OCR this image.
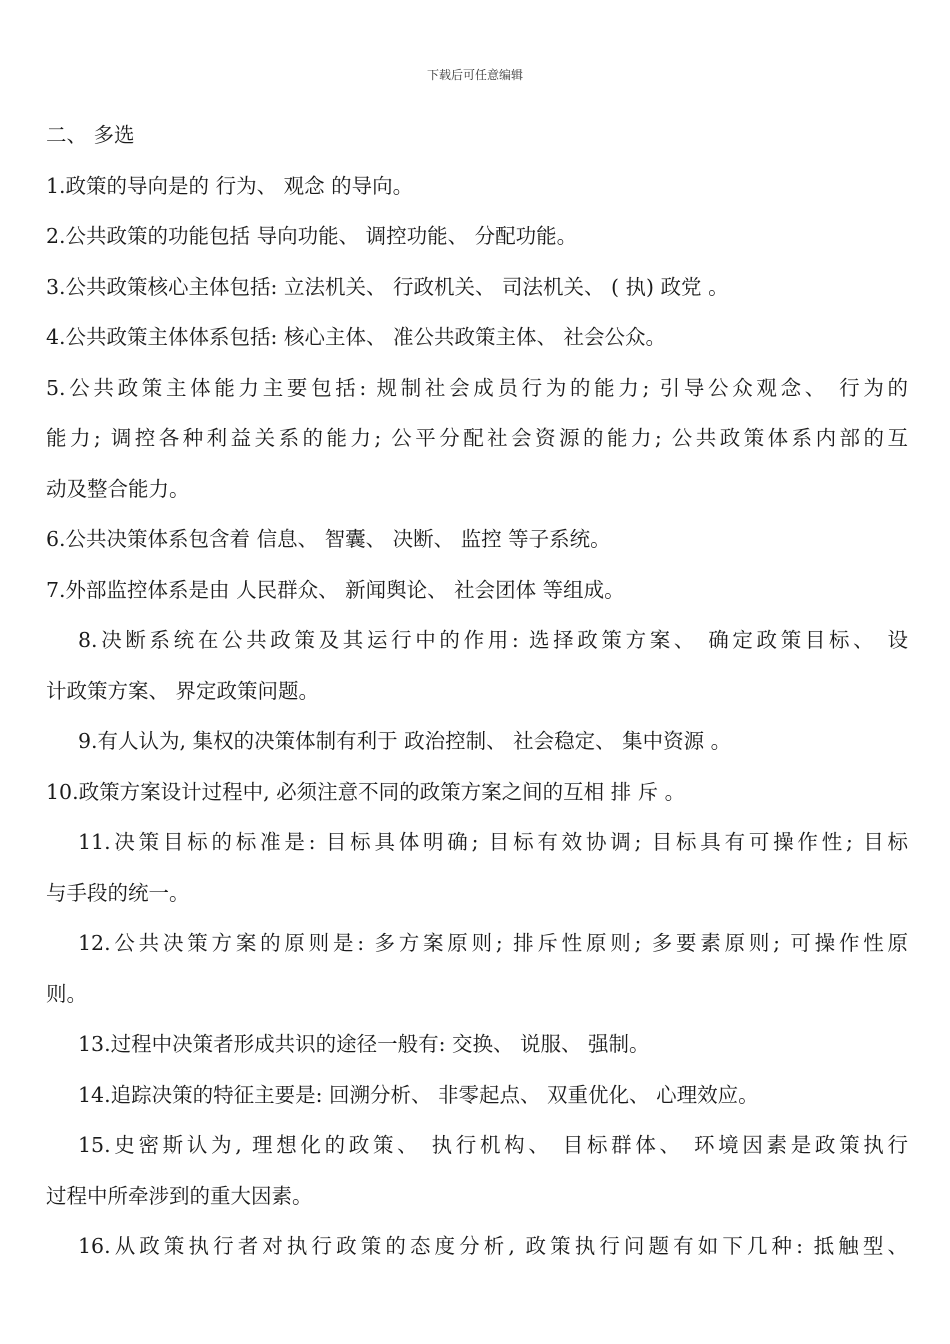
下载后可任意编辑
二、 多选
1.政策的导向是的 行为、 观念 的导向。
2.公共政策的功能包括 导向功能、 调控功能、 分配功能。
3.公共政策核心主体包括: 立法机关、 行政机关、 司法机关、 ( 执) 政党 。
4.公共政策主体体系包括: 核心主体、 准公共政策主体、 社会公众。
5.公共政策主体能力主要包括: 规制社会成员行为的能力; 引导公众观念、 行为的
能力; 调控各种利益关系的能力; 公平分配社会资源的能力; 公共政策体系内部的互
动及整合能力。
6.公共决策体系包含着 信息、 智囊、 决断、 监控 等子系统。
7.外部监控体系是由 人民群众、 新闻舆论、 社会团体 等组成。
8.决断系统在公共政策及其运行中的作用: 选择政策方案、 确定政策目标、 设
计政策方案、 界定政策问题。
9.有人认为, 集权的决策体制有利于 政治控制、 社会稳定、 集中资源 。
10.政策方案设计过程中, 必须注意不同的政策方案之间的互相 排 斥 。
11.决策目标的标准是: 目标具体明确; 目标有效协调; 目标具有可操作性; 目标
与手段的统一。
12.公共决策方案的原则是: 多方案原则; 排斥性原则; 多要素原则; 可操作性原
则。
13.过程中决策者形成共识的途径一般有: 交换、 说服、 强制。
14.追踪决策的特征主要是: 回溯分析、 非零起点、 双重优化、 心理效应。
15.史密斯认为, 理想化的政策、 执行机构、 目标群体、 环境因素是政策执行
过程中所牵涉到的重大因素。
16.从政策执行者对执行政策的态度分析, 政策执行问题有如下几种: 抵触型、
